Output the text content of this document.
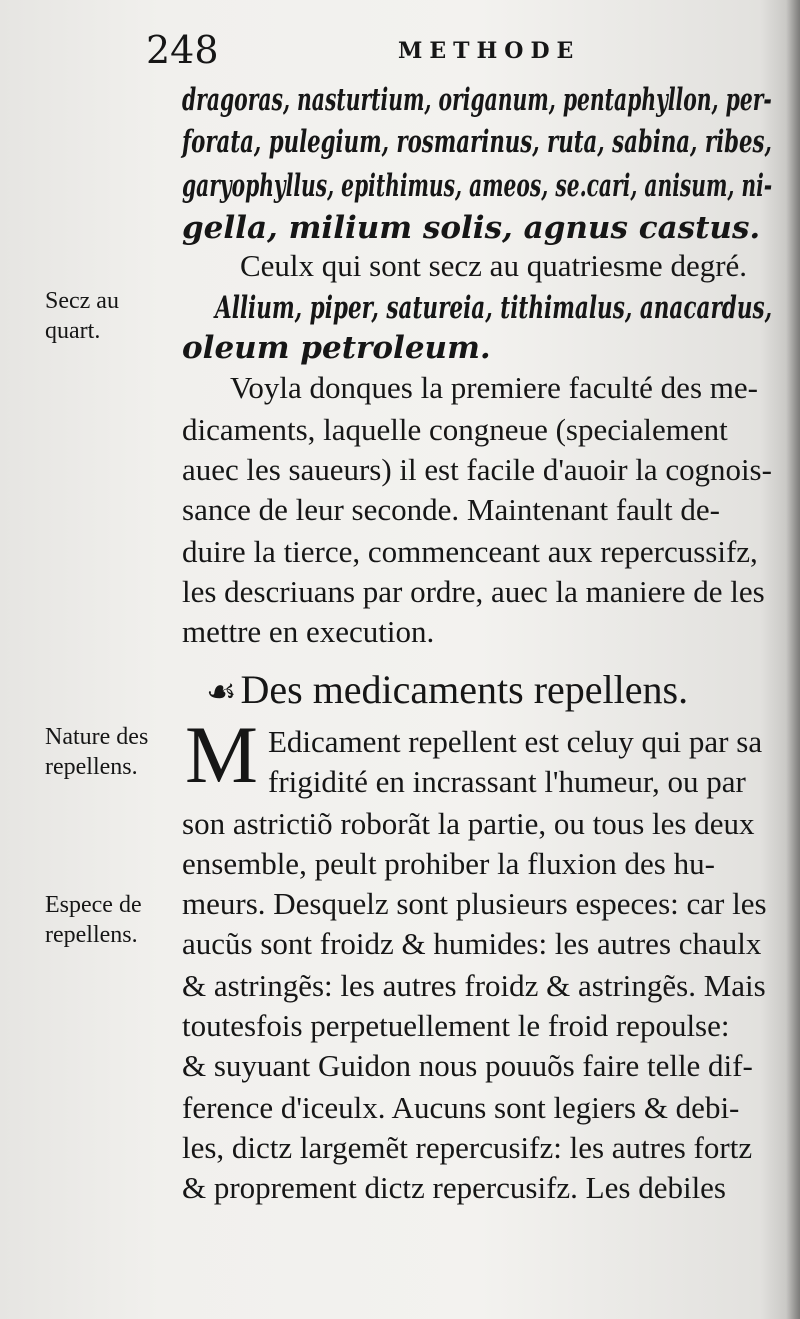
248	METHODE
dragoras, nasturtium, origanum, pentaphyllon, per-
forata, pulegium, rosmarinus, ruta, sabina, ribes,
garyophyllus, epithimus, ameos, se.cari, anisum, ni-
gella, milium solis, agnus castus.
Ceulx qui sont secz au quatriesme degré.
Allium, piper, satureia, tithimalus, anacardus,
oleum petroleum.
Voyla donques la premiere faculté des me-
dicaments, laquelle congneue (specialement
auec les saueurs) il est facile d'auoir la cognois-
sance de leur seconde. Maintenant fault de-
duire la tierce, commenceant aux repercussifz,
les descriuans par ordre, auec la maniere de les
mettre en execution.
☙ Des medicaments repellens.
M Edicament repellent est celuy qui par sa
frigidité en incrassant l'humeur, ou par
son astrictiõ roborãt la partie, ou tous les deux
ensemble, peult prohiber la fluxion des hu-
meurs. Desquelz sont plusieurs especes: car les
aucũs sont froidz & humides: les autres chaulx
& astringẽs: les autres froidz & astringẽs. Mais
toutesfois perpetuellement le froid repoulse:
& suyuant Guidon nous pouuõs faire telle dif-
ference d'iceulx. Aucuns sont legiers & debi-
les, dictz largemẽt repercusifz: les autres fortz
& proprement dictz repercusifz. Les debiles
Secz au
quart.
Nature des
repellens.
Espece de
repellens.
